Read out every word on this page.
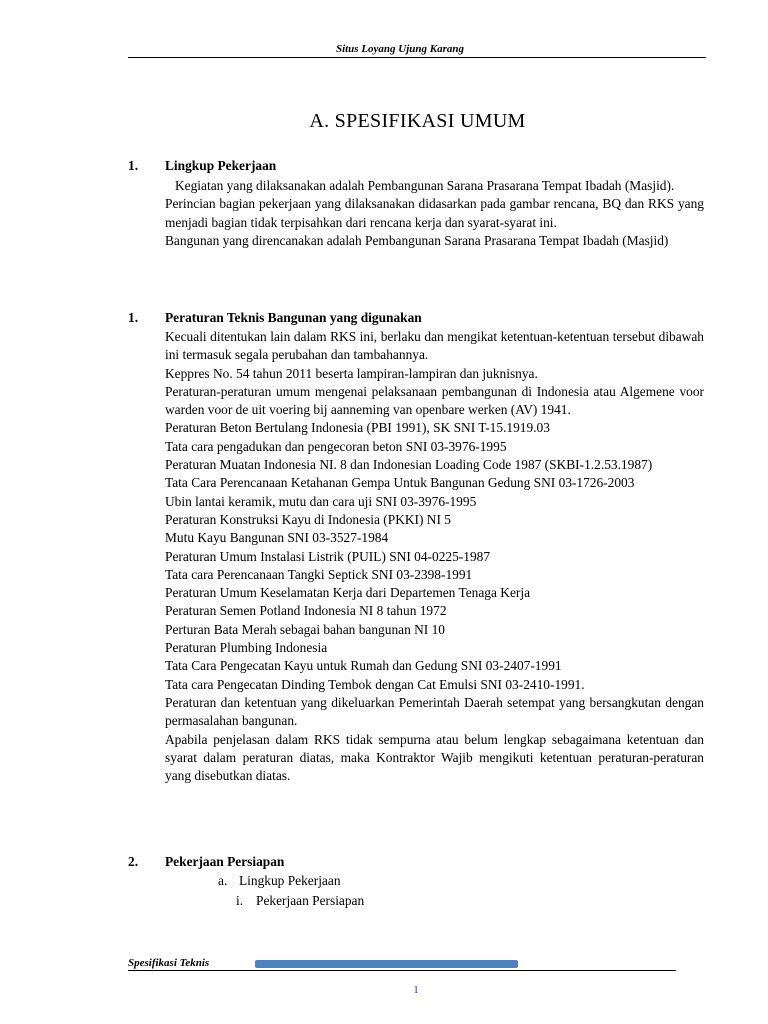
Situs Loyang Ujung Karang
A. SPESIFIKASI UMUM
1. Lingkup Pekerjaan

Kegiatan yang dilaksanakan adalah Pembangunan Sarana Prasarana Tempat Ibadah (Masjid).

Perincian bagian pekerjaan yang dilaksanakan didasarkan pada gambar rencana, BQ dan RKS yang menjadi bagian tidak terpisahkan dari rencana kerja dan syarat-syarat ini.

Bangunan yang direncanakan adalah Pembangunan Sarana Prasarana Tempat Ibadah (Masjid)

1. Peraturan Teknis Bangunan yang digunakan

Kecuali ditentukan lain dalam RKS ini, berlaku dan mengikat ketentuan-ketentuan tersebut dibawah ini termasuk segala perubahan dan tambahannya.

Keppres No. 54 tahun 2011 beserta lampiran-lampiran dan juknisnya.

Peraturan-peraturan umum mengenai pelaksanaan pembangunan di Indonesia atau Algemene voor warden voor de uit voering bij aanneming van openbare werken (AV) 1941.

Peraturan Beton Bertulang Indonesia (PBI 1991), SK SNI T-15.1919.03

Tata cara pengadukan dan pengecoran beton SNI 03-3976-1995

Peraturan Muatan Indonesia NI. 8 dan Indonesian Loading Code 1987 (SKBI-1.2.53.1987)

Tata Cara Perencanaan Ketahanan Gempa Untuk Bangunan Gedung SNI 03-1726-2003

Ubin lantai keramik, mutu dan cara uji SNI 03-3976-1995

Peraturan Konstruksi Kayu di Indonesia (PKKI) NI 5

Mutu Kayu Bangunan SNI 03-3527-1984

Peraturan Umum Instalasi Listrik (PUIL) SNI 04-0225-1987

Tata cara Perencanaan Tangki Septick SNI 03-2398-1991

Peraturan Umum Keselamatan Kerja dari Departemen Tenaga Kerja

Peraturan Semen Potland Indonesia NI 8 tahun 1972

Perturan Bata Merah sebagai bahan bangunan NI 10

Peraturan Plumbing Indonesia

Tata Cara Pengecatan Kayu untuk Rumah dan Gedung SNI 03-2407-1991

Tata cara Pengecatan Dinding Tembok dengan Cat Emulsi SNI 03-2410-1991.

Peraturan dan ketentuan yang dikeluarkan Pemerintah Daerah setempat yang bersangkutan dengan permasalahan bangunan.

Apabila penjelasan dalam RKS tidak sempurna atau belum lengkap sebagaimana ketentuan dan syarat dalam peraturan diatas, maka Kontraktor Wajib mengikuti ketentuan peraturan-peraturan yang disebutkan diatas.

2. Pekerjaan Persiapan
a. Lingkup Pekerjaan
i. Pekerjaan Persiapan
Spesifikasi Teknis
1
